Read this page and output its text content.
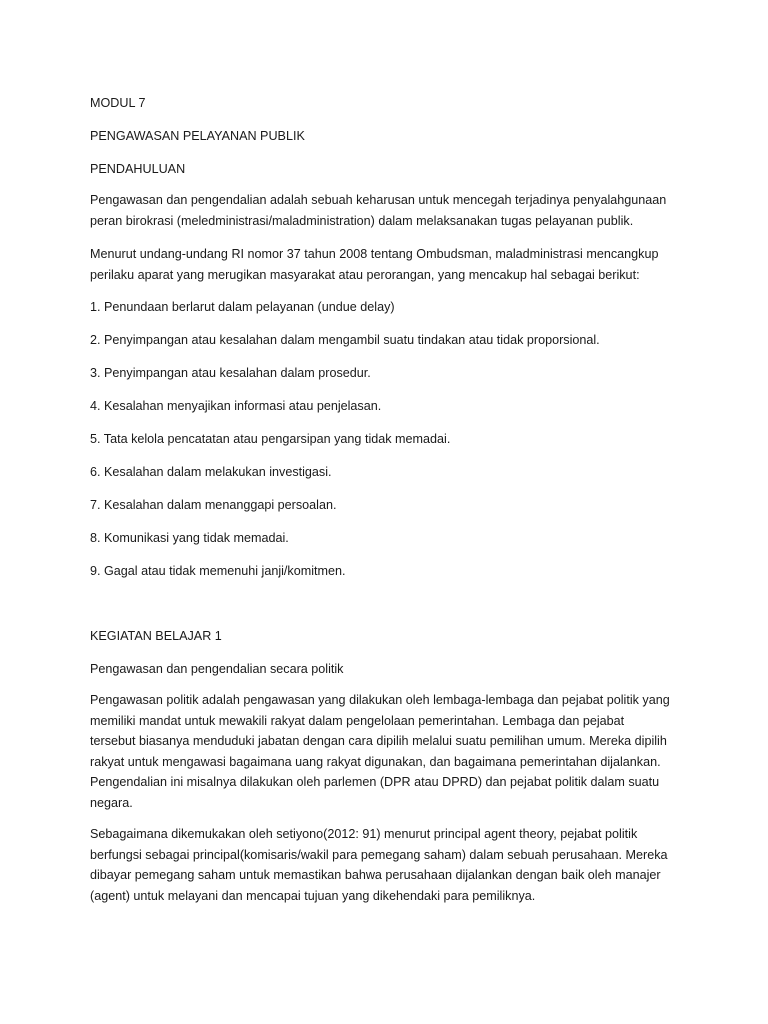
MODUL 7
PENGAWASAN PELAYANAN PUBLIK
PENDAHULUAN
Pengawasan dan pengendalian adalah sebuah keharusan untuk mencegah terjadinya penyalahgunaan
peran birokrasi (meledministrasi/maladministration) dalam melaksanakan tugas pelayanan publik.
Menurut undang-undang RI nomor 37 tahun 2008 tentang Ombudsman, maladministrasi mencangkup
perilaku aparat yang merugikan masyarakat atau perorangan, yang mencakup hal sebagai berikut:
1. Penundaan berlarut dalam pelayanan (undue delay)
2. Penyimpangan atau kesalahan dalam mengambil suatu tindakan atau tidak proporsional.
3. Penyimpangan atau kesalahan dalam prosedur.
4. Kesalahan menyajikan informasi atau penjelasan.
5. Tata kelola pencatatan atau pengarsipan yang tidak memadai.
6. Kesalahan dalam melakukan investigasi.
7. Kesalahan dalam menanggapi persoalan.
8. Komunikasi yang tidak memadai.
9. Gagal atau tidak memenuhi janji/komitmen.
KEGIATAN BELAJAR 1
Pengawasan dan pengendalian secara politik
Pengawasan politik adalah pengawasan yang dilakukan oleh lembaga-lembaga dan pejabat politik yang
memiliki mandat untuk mewakili rakyat dalam pengelolaan pemerintahan. Lembaga dan pejabat
tersebut biasanya menduduki jabatan dengan cara dipilih melalui suatu pemilihan umum. Mereka dipilih
rakyat untuk mengawasi bagaimana uang rakyat digunakan, dan bagaimana pemerintahan dijalankan.
Pengendalian ini misalnya dilakukan oleh parlemen (DPR atau DPRD) dan pejabat politik dalam suatu
negara.
Sebagaimana dikemukakan oleh setiyono(2012: 91) menurut principal agent theory, pejabat politik
berfungsi sebagai principal(komisaris/wakil para pemegang saham) dalam sebuah perusahaan. Mereka
dibayar pemegang saham untuk memastikan bahwa perusahaan dijalankan dengan baik oleh manajer
(agent) untuk melayani dan mencapai tujuan yang dikehendaki para pemiliknya.
